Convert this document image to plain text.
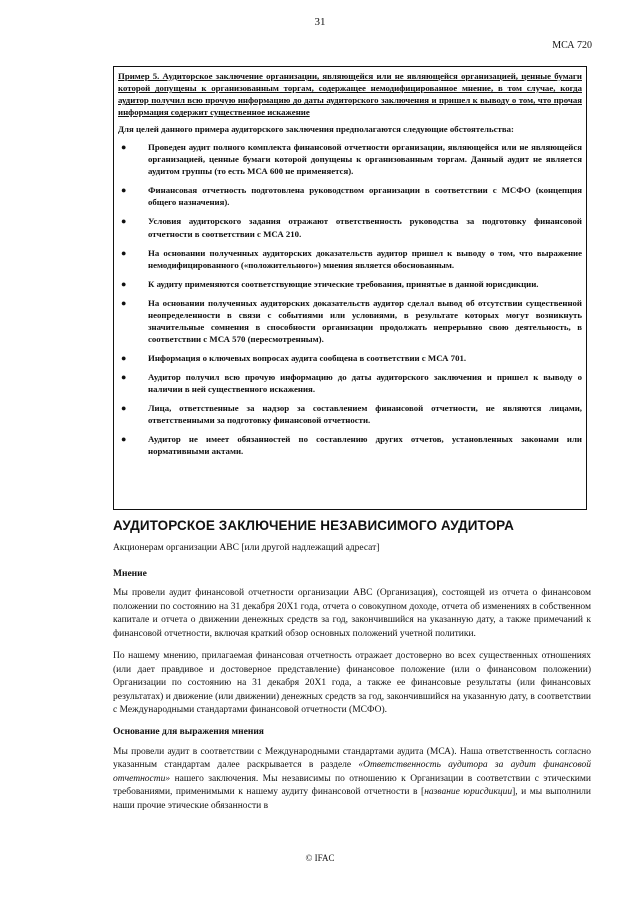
31
МСА 720
Пример 5. Аудиторское заключение организации, являющейся или не являющейся организацией, ценные бумаги которой допущены к организованным торгам, содержащее немодифицированное мнение, в том случае, когда аудитор получил всю прочую информацию до даты аудиторского заключения и пришел к выводу о том, что прочая информация содержит существенное искажение
Для целей данного примера аудиторского заключения предполагаются следующие обстоятельства:
● Проведен аудит полного комплекта финансовой отчетности организации, являющейся или не являющейся организацией, ценные бумаги которой допущены к организованным торгам. Данный аудит не является аудитом группы (то есть МСА 600 не применяется).
● Финансовая отчетность подготовлена руководством организации в соответствии с МСФО (концепция общего назначения).
● Условия аудиторского задания отражают ответственность руководства за подготовку финансовой отчетности в соответствии с МСА 210.
● На основании полученных аудиторских доказательств аудитор пришел к выводу о том, что выражение немодифицированного («положительного») мнения является обоснованным.
● К аудиту применяются соответствующие этические требования, принятые в данной юрисдикции.
● На основании полученных аудиторских доказательств аудитор сделал вывод об отсутствии существенной неопределенности в связи с событиями или условиями, в результате которых могут возникнуть значительные сомнения в способности организации продолжать непрерывно свою деятельность, в соответствии с МСА 570 (пересмотренным).
● Информация о ключевых вопросах аудита сообщена в соответствии с МСА 701.
● Аудитор получил всю прочую информацию до даты аудиторского заключения и пришел к выводу о наличии в ней существенного искажения.
● Лица, ответственные за надзор за составлением финансовой отчетности, не являются лицами, ответственными за подготовку финансовой отчетности.
● Аудитор не имеет обязанностей по составлению других отчетов, установленных законами или нормативными актами.
АУДИТОРСКОЕ ЗАКЛЮЧЕНИЕ НЕЗАВИСИМОГО АУДИТОРА
Акционерам организации АВС [или другой надлежащий адресат]
Мнение

Мы провели аудит финансовой отчетности организации АВС (Организация), состоящей из отчета о финансовом положении по состоянию на 31 декабря 20Х1 года, отчета о совокупном доходе, отчета об изменениях в собственном капитале и отчета о движении денежных средств за год, закончившийся на указанную дату, а также примечаний к финансовой отчетности, включая краткий обзор основных положений учетной политики.

По нашему мнению, прилагаемая финансовая отчетность отражает достоверно во всех существенных отношениях (или дает правдивое и достоверное представление) финансовое положение (или о финансовом положении) Организации по состоянию на 31 декабря 20Х1 года, а также ее финансовые результаты (или финансовых результатах) и движение (или движении) денежных средств за год, закончившийся на указанную дату, в соответствии с Международными стандартами финансовой отчетности (МСФО).

Основание для выражения мнения

Мы провели аудит в соответствии с Международными стандартами аудита (МСА). Наша ответственность согласно указанным стандартам далее раскрывается в разделе «Ответственность аудитора за аудит финансовой отчетности» нашего заключения. Мы независимы по отношению к Организации в соответствии с этическими требованиями, применимыми к нашему аудиту финансовой отчетности в [название юрисдикции], и мы выполнили наши прочие этические обязанности в

© IFAC
